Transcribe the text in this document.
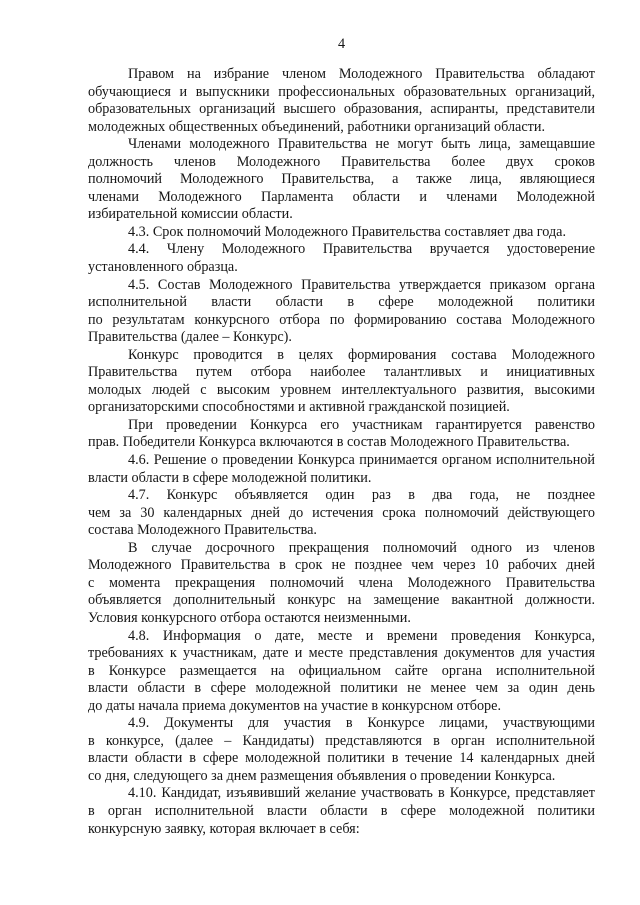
4
Правом на избрание членом Молодежного Правительства обладают
обучающиеся и выпускники профессиональных образовательных организаций,
образовательных организаций высшего образования, аспиранты, представители
молодежных общественных объединений, работники организаций области.
Членами молодежного Правительства не могут быть лица, замещавшие
должность членов Молодежного Правительства более двух сроков
полномочий Молодежного Правительства, а также лица, являющиеся
членами Молодежного Парламента области и членами Молодежной
избирательной комиссии области.
4.3. Срок полномочий Молодежного Правительства составляет два года.
4.4. Члену Молодежного Правительства вручается удостоверение
установленного образца.
4.5. Состав Молодежного Правительства утверждается приказом органа
исполнительной власти области в сфере молодежной политики
по результатам конкурсного отбора по формированию состава Молодежного
Правительства (далее – Конкурс).
Конкурс проводится в целях формирования состава Молодежного
Правительства путем отбора наиболее талантливых и инициативных
молодых людей с высоким уровнем интеллектуального развития, высокими
организаторскими способностями и активной гражданской позицией.
При проведении Конкурса его участникам гарантируется равенство
прав. Победители Конкурса включаются в состав Молодежного Правительства.
4.6. Решение о проведении Конкурса принимается органом исполнительной
власти области в сфере молодежной политики.
4.7. Конкурс объявляется один раз в два года, не позднее
чем за 30 календарных дней до истечения срока полномочий действующего
состава Молодежного Правительства.
В случае досрочного прекращения полномочий одного из членов
Молодежного Правительства в срок не позднее чем через 10 рабочих дней
с момента прекращения полномочий члена Молодежного Правительства
объявляется дополнительный конкурс на замещение вакантной должности.
Условия конкурсного отбора остаются неизменными.
4.8. Информация о дате, месте и времени проведения Конкурса,
требованиях к участникам, дате и месте представления документов для участия
в Конкурсе размещается на официальном сайте органа исполнительной
власти области в сфере молодежной политики не менее чем за один день
до даты начала приема документов на участие в конкурсном отборе.
4.9. Документы для участия в Конкурсе лицами, участвующими
в конкурсе, (далее – Кандидаты) представляются в орган исполнительной
власти области в сфере молодежной политики в течение 14 календарных дней
со дня, следующего за днем размещения объявления о проведении Конкурса.
4.10. Кандидат, изъявивший желание участвовать в Конкурсе, представляет
в орган исполнительной власти области в сфере молодежной политики
конкурсную заявку, которая включает в себя:
